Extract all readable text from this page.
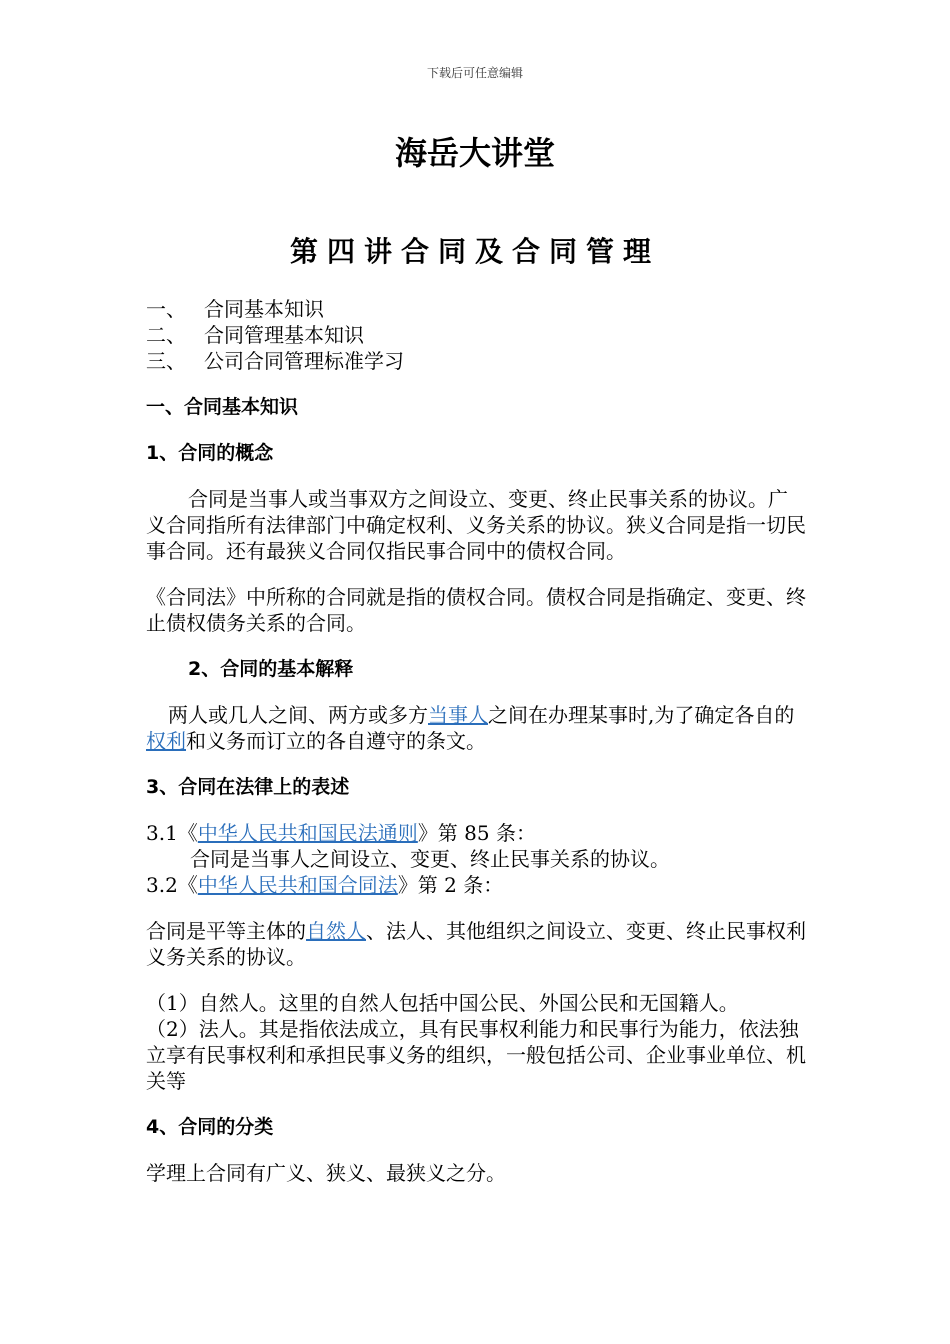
下载后可任意编辑
海岳大讲堂
第四讲合同及合同管理
一、 合同基本知识
二、 合同管理基本知识
三、 公司合同管理标准学习

一、合同基本知识

1、合同的概念

合同是当事人或当事双方之间设立、变更、终止民事关系的协议。广义合同指所有法律部门中确定权利、义务关系的协议。狭义合同是指一切民事合同。还有最狭义合同仅指民事合同中的债权合同。

《合同法》中所称的合同就是指的债权合同。债权合同是指确定、变更、终止债权债务关系的合同。

2、合同的基本解释

两人或几人之间、两方或多方当事人之间在办理某事时,为了确定各自的权利和义务而订立的各自遵守的条文。

3、合同在法律上的表述

3.1《中华人民共和国民法通则》第 85 条：

合同是当事人之间设立、变更、终止民事关系的协议。

3.2《中华人民共和国合同法》第 2 条：

合同是平等主体的自然人、法人、其他组织之间设立、变更、终止民事权利义务关系的协议。

（1）自然人。这里的自然人包括中国公民、外国公民和无国籍人。

（2）法人。其是指依法成立，具有民事权利能力和民事行为能力，依法独立享有民事权利和承担民事义务的组织，一般包括公司、企业事业单位、机关等

4、合同的分类

学理上合同有广义、狭义、最狭义之分。
